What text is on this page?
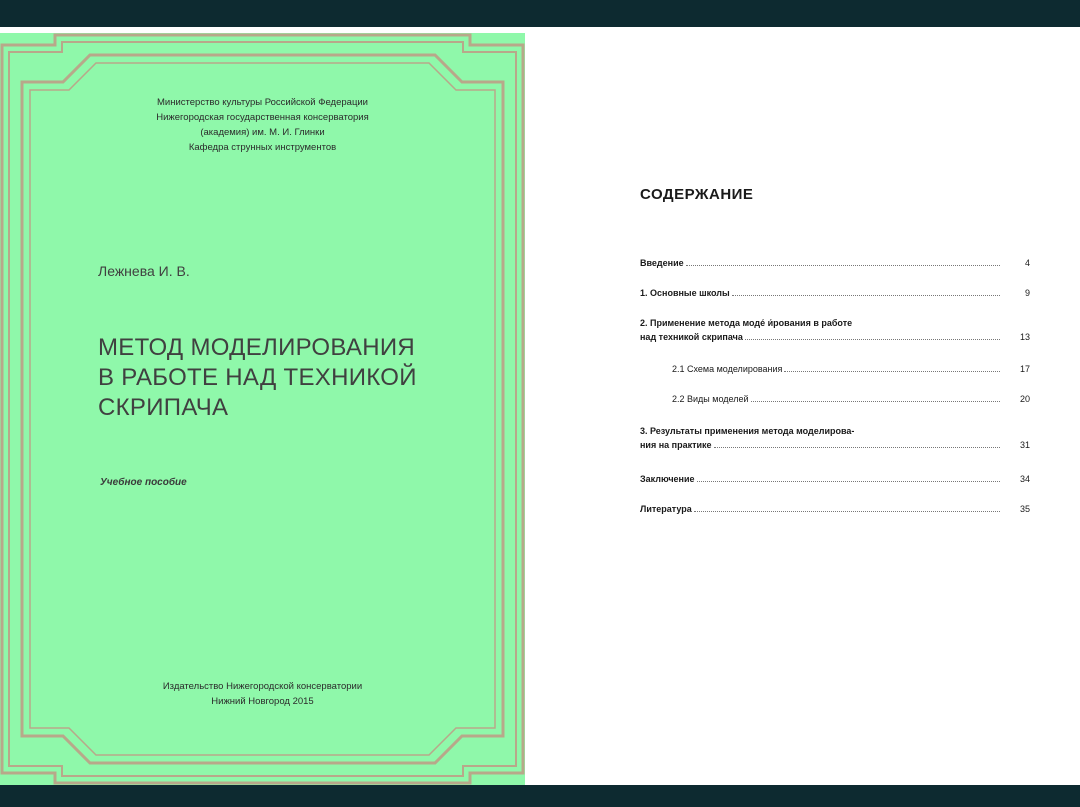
Министерство культуры Российской Федерации
Нижегородская государственная консерватория
(академия) им. М. И. Глинки
Кафедра струнных инструментов
Лежнева И. В.
МЕТОД МОДЕЛИРОВАНИЯ
В РАБОТЕ НАД ТЕХНИКОЙ
СКРИПАЧА
Учебное пособие
Издательство Нижегородской консерватории
Нижний Новгород 2015
СОДЕРЖАНИЕ
Введение	4
1. Основные школы	9
2. Применение метода моде́ и́рования в работе
над техникой скрипача	13
2.1 Схема моделирования	17
2.2 Виды моделей	20
3. Результаты применения метода моделирова-
ния на практике	31
Заключение	34
Литература	35
